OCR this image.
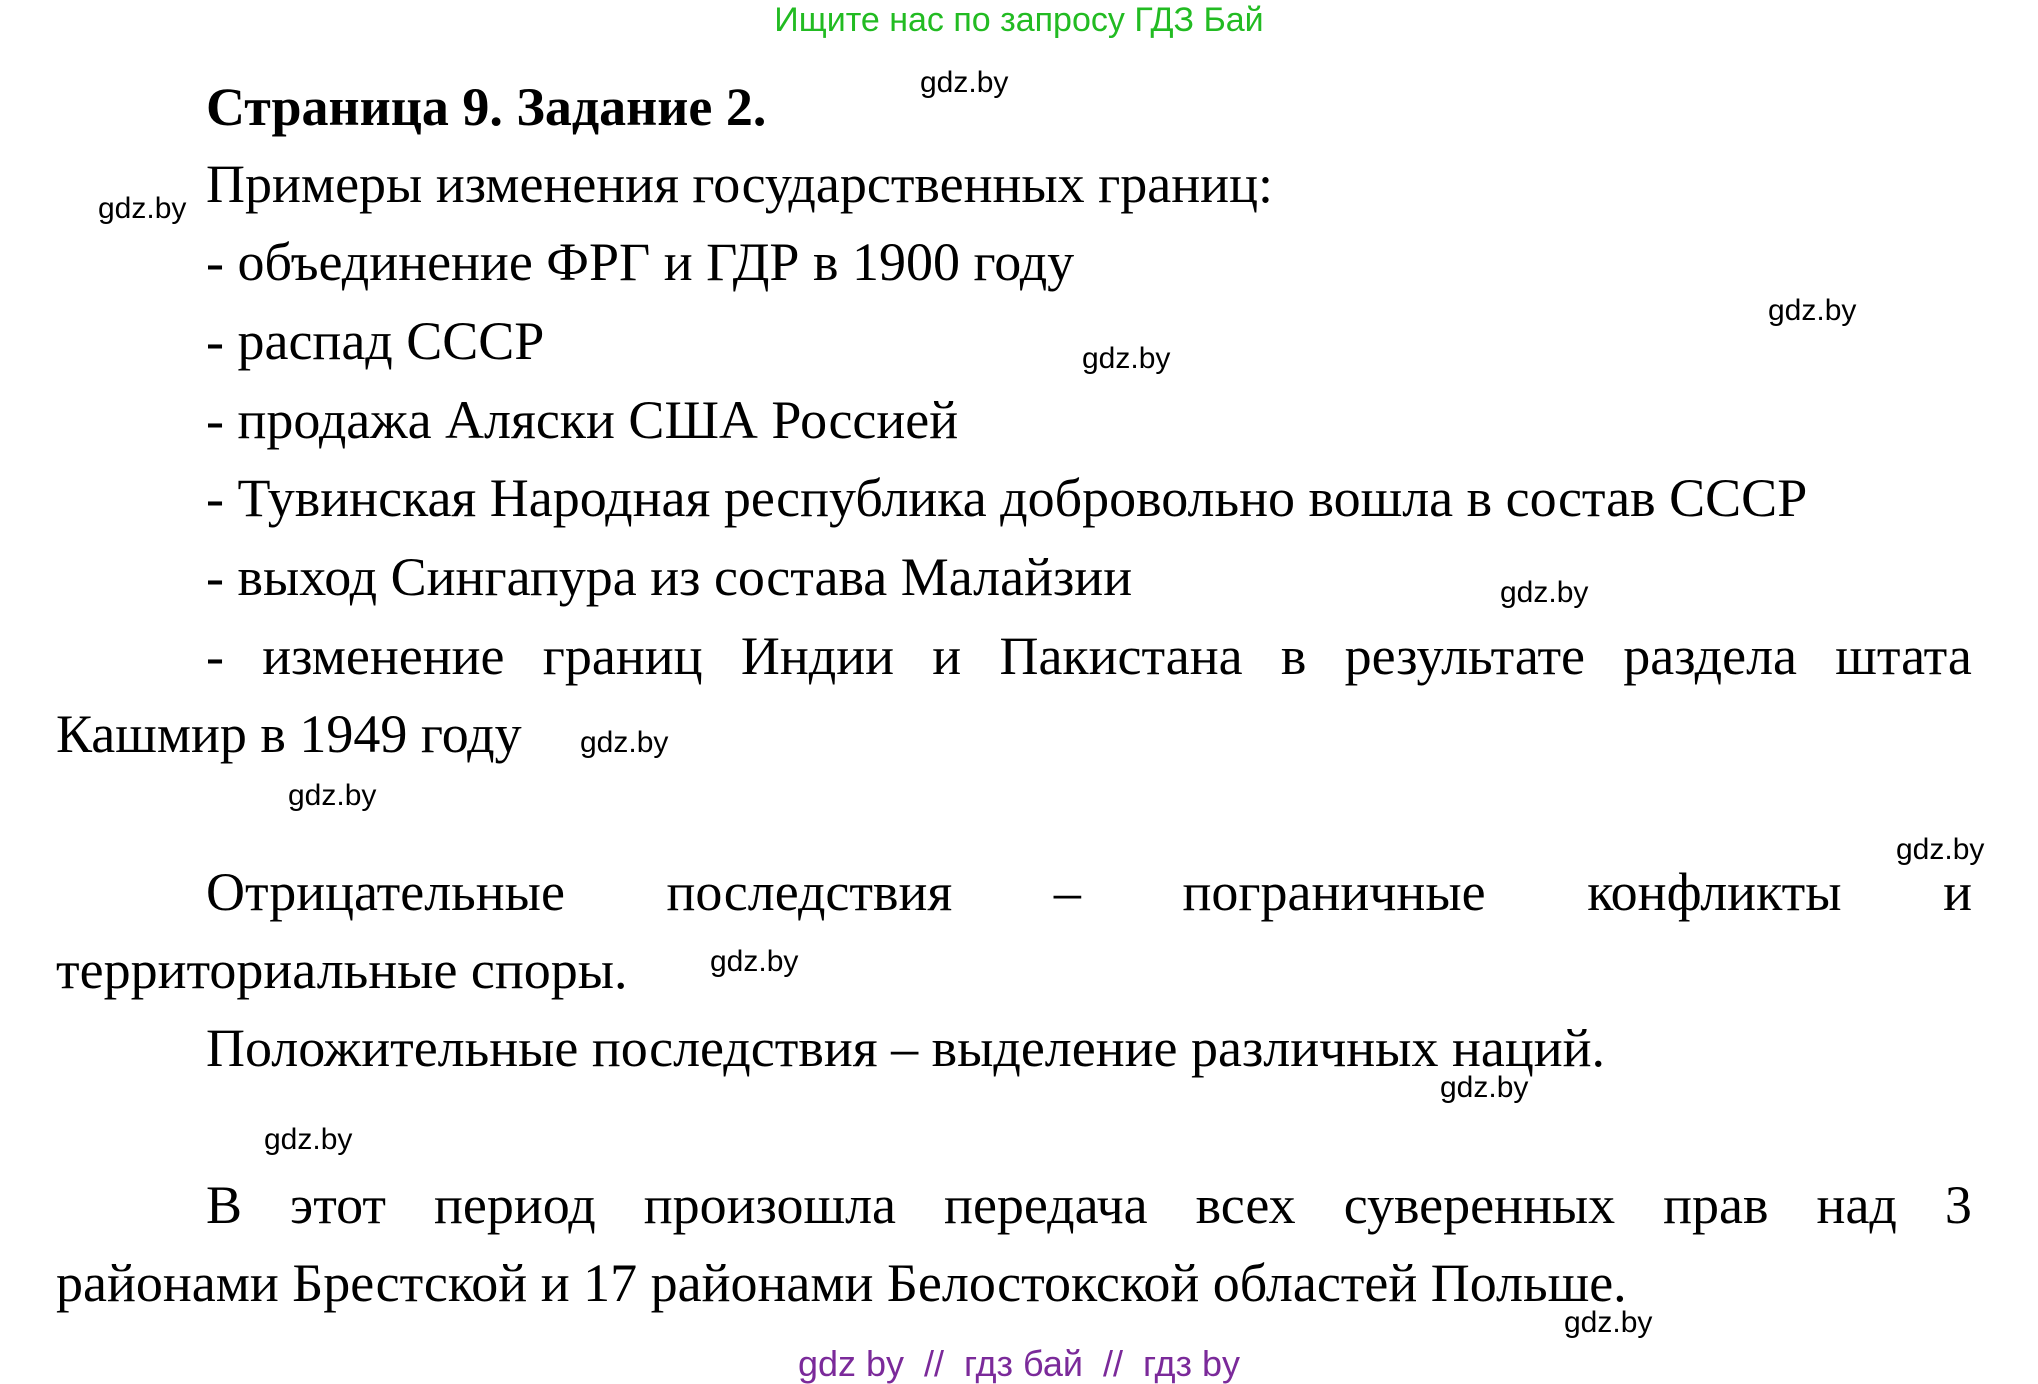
Ищите нас по запросу ГДЗ Бай
Страница 9. Задание 2.
Примеры изменения государственных границ:
- объединение ФРГ и ГДР в 1900 году
- распад СССР
- продажа Аляски США Россией
- Тувинская Народная республика добровольно вошла в состав СССР
- выход Сингапура из состава Малайзии
- изменение границ Индии и Пакистана в результате раздела штата
Кашмир в 1949 году
Отрицательные последствия – пограничные конфликты и
территориальные споры.
Положительные последствия – выделение различных наций.
В этот период произошла передача всех суверенных прав над 3
районами Брестской и 17 районами Белостокской областей Польше.
gdz.by
gdz.by
gdz.by
gdz.by
gdz.by
gdz.by
gdz.by
gdz.by
gdz.by
gdz.by
gdz.by
gdz.by
gdz by  //  гдз бай  //  гдз by
